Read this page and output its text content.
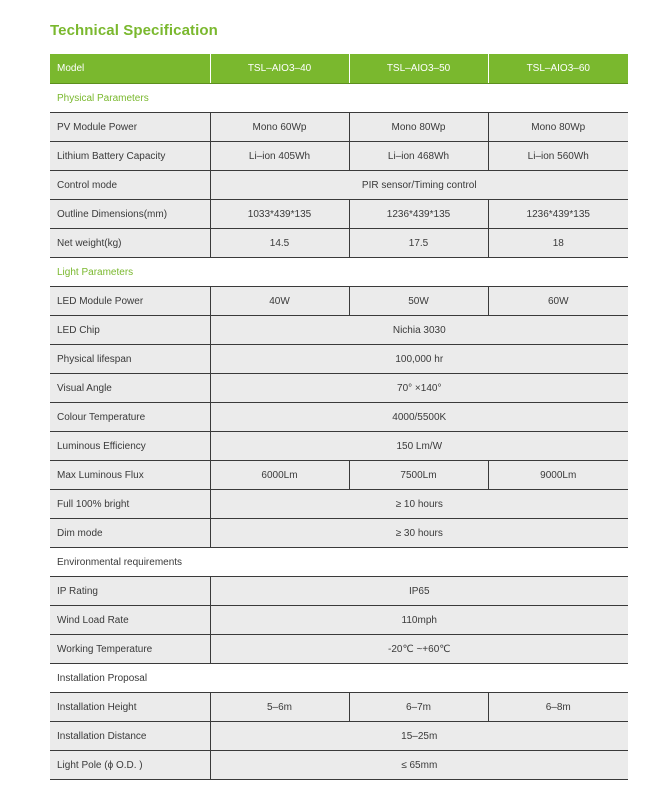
Technical Specification
Model	TSL–AIO3–40	TSL–AIO3–50	TSL–AIO3–60
Physical Parameters			
PV Module Power	Mono 60Wp	Mono 80Wp	Mono 80Wp
Lithium Battery Capacity	Li–ion 405Wh	Li–ion 468Wh	Li–ion 560Wh
Control mode	PIR sensor/Timing control		
Outline Dimensions(mm)	1033*439*135	1236*439*135	1236*439*135
Net weight(kg)	14.5	17.5	18
Light Parameters			
LED Module Power	40W	50W	60W
LED Chip	Nichia 3030		
Physical lifespan	100,000 hr		
Visual Angle	70° ×140°		
Colour Temperature	4000/5500K		
Luminous Efficiency	150 Lm/W		
Max Luminous Flux	6000Lm	7500Lm	9000Lm
Full 100% bright	≥ 10 hours		
Dim mode	≥ 30 hours		
Environmental requirements			
IP Rating	IP65		
Wind Load Rate	110mph		
Working Temperature	-20℃ ~+60℃		
Installation Proposal			
Installation Height	5–6m	6–7m	6–8m
Installation Distance	15–25m		
Light Pole (ϕ O.D. )	≤ 65mm		
